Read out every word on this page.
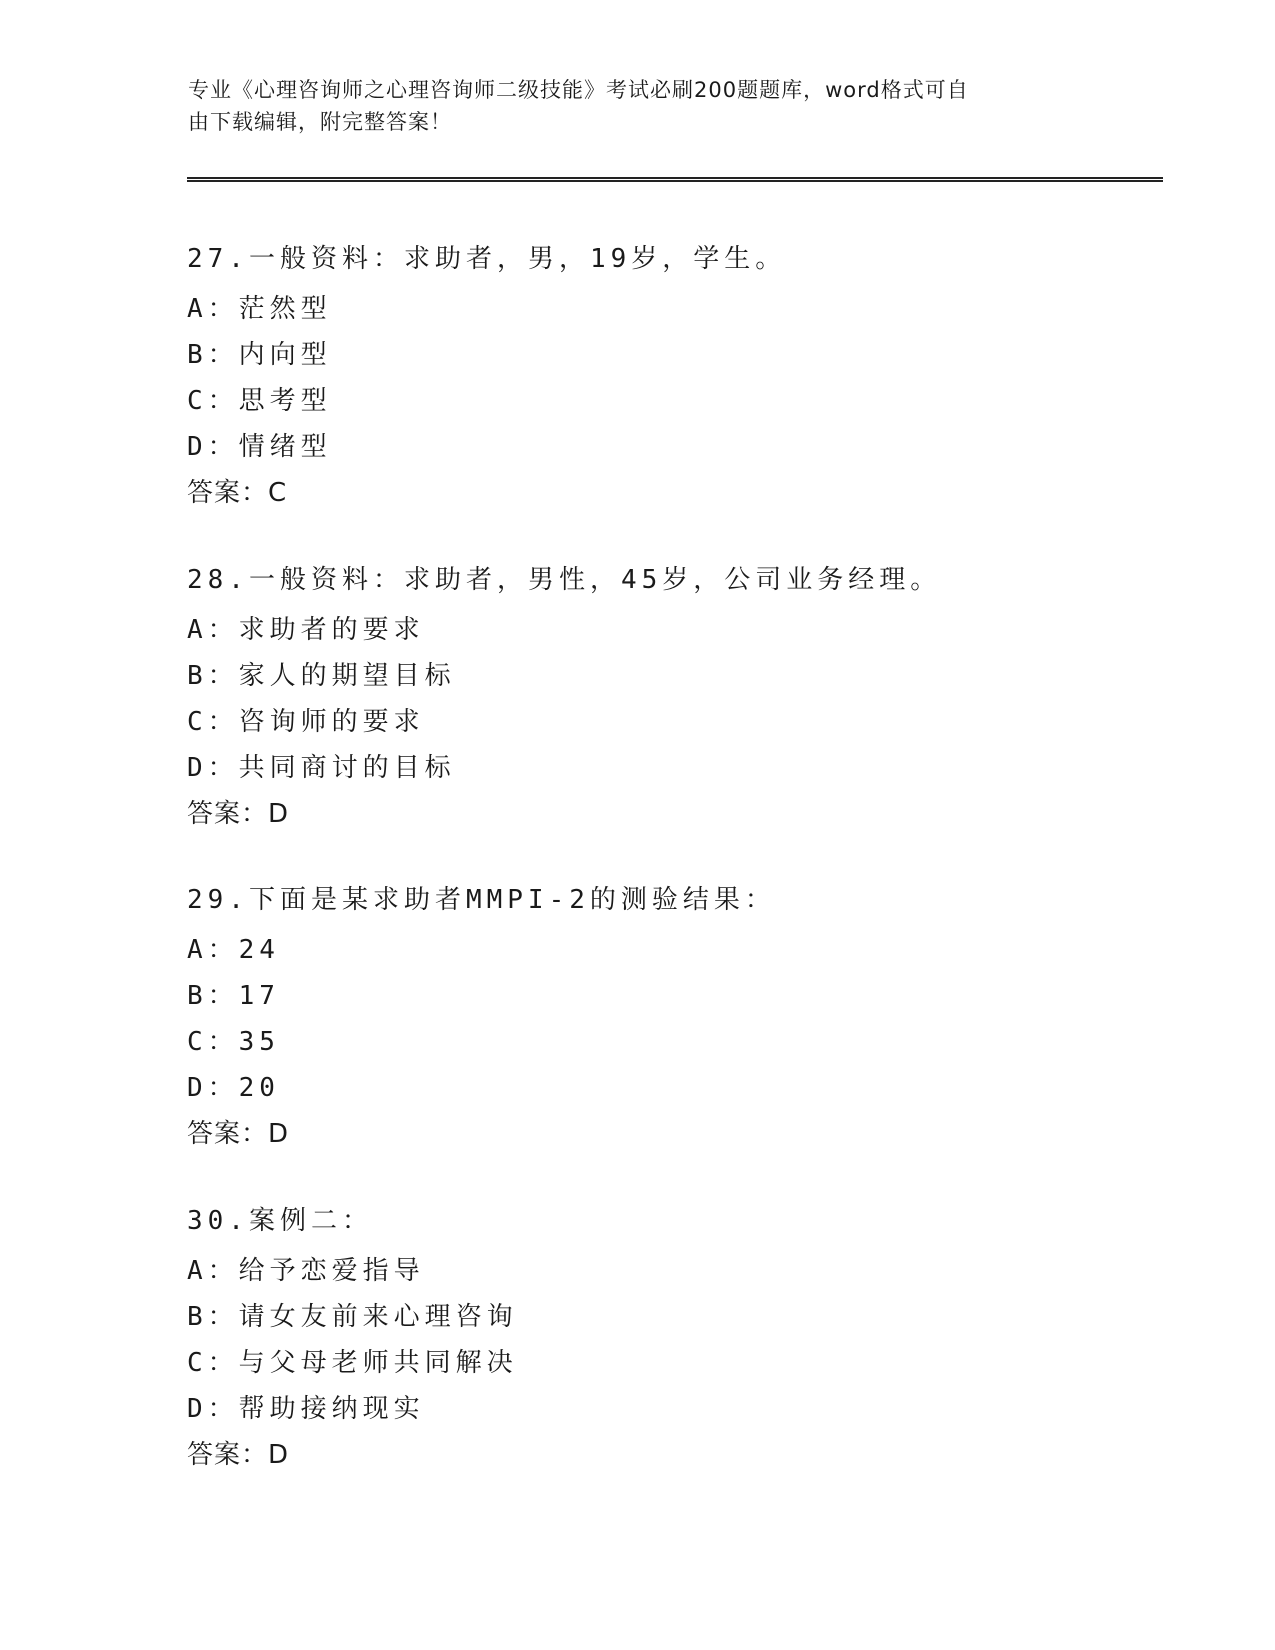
专业《心理咨询师之心理咨询师二级技能》考试必刷200题题库，word格式可自
由下载编辑，附完整答案！
27.一般资料：求助者，男，19岁，学生。
A：茫然型
B：内向型
C：思考型
D：情绪型
答案：C
28.一般资料：求助者，男性，45岁，公司业务经理。
A：求助者的要求
B：家人的期望目标
C：咨询师的要求
D：共同商讨的目标
答案：D
29.下面是某求助者MMPI-2的测验结果：
A：24
B：17
C：35
D：20
答案：D
30.案例二：
A：给予恋爱指导
B：请女友前来心理咨询
C：与父母老师共同解决
D：帮助接纳现实
答案：D
